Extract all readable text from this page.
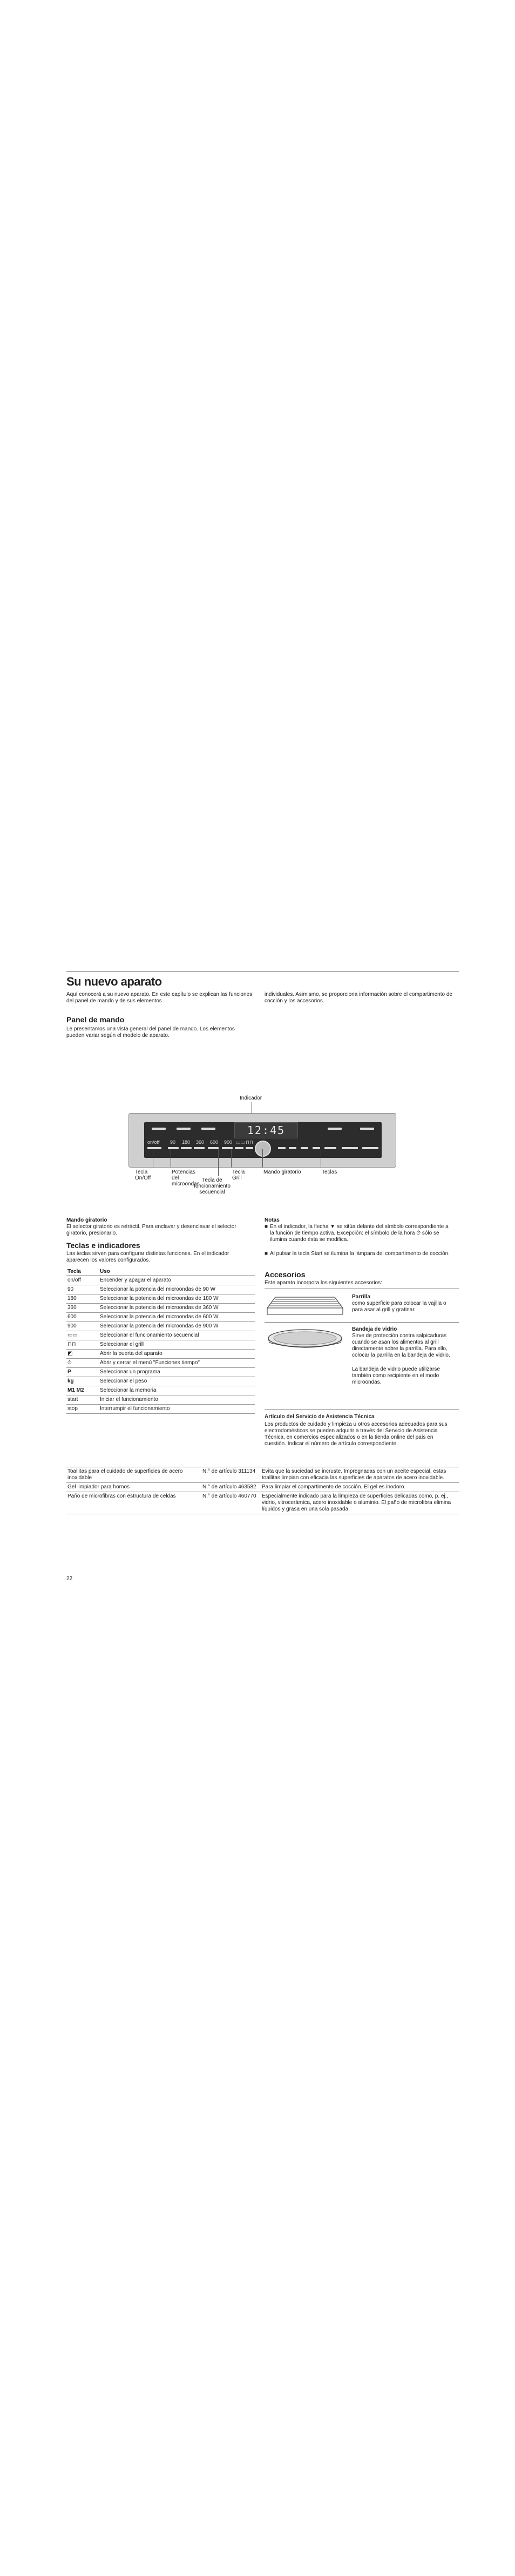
Su nuevo aparato
Aquí conocerá a su nuevo aparato. En este capítulo se explican las funciones del panel de mando y de sus elementos
individuales. Asimismo, se proporciona información sobre el compartimento de cocción y los accesorios.
Panel de mando
Le presentamos una vista general del panel de mando. Los elementos pueden variar según el modelo de aparato.
Indicador
12:45
on/off 90 180 360 600 900 ▭▭ ⊓⊓
Tecla On/Off
Potencias del microondas
Tecla de funcionamiento secuencial
Tecla Grill
Mando giratorio	Teclas
Mando giratorio
El selector giratorio es retráctil. Para enclavar y desenclavar el selector giratorio, presionarlo.
Teclas e indicadores
Las teclas sirven para configurar distintas funciones. En el indicador aparecen los valores configurados.
Tecla	Uso
on/off	Encender y apagar el aparato
90	Seleccionar la potencia del microondas de 90 W
180	Seleccionar la potencia del microondas de 180 W
360	Seleccionar la potencia del microondas de 360 W
600	Seleccionar la potencia del microondas de 600 W
900	Seleccionar la potencia del microondas de 900 W
▭▭	Seleccionar el funcionamiento secuencial
⊓⊓	Seleccionar el grill
◩	Abrir la puerta del aparato
⏱	Abrir y cerrar el menú "Funciones tiempo"
P	Seleccionar un programa
kg	Seleccionar el peso
M1 M2	Seleccionar la memoria
start	Iniciar el funcionamiento
stop	Interrumpir el funcionamiento
Notas
■ En el indicador, la flecha ▼ se sitúa delante del símbolo correspondiente a la función de tiempo activa. Excepción: el símbolo de la hora ⏱ sólo se ilumina cuando ésta se modifica.
■ Al pulsar la tecla Start se ilumina la lámpara del compartimento de cocción.
Accesorios
Este aparato incorpora los siguientes accesorios:
Parrilla
como superficie para colocar la vajilla o para asar al grill y gratinar.
Bandeja de vidrio
Sirve de protección contra salpicaduras cuando se asan los alimentos al grill directamente sobre la parrilla. Para ello, colocar la parrilla en la bandeja de vidrio.
La bandeja de vidrio puede utilizarse también como recipiente en el modo microondas.
Artículo del Servicio de Asistencia Técnica
Los productos de cuidado y limpieza u otros accesorios adecuados para sus electrodomésticos se pueden adquirir a través del Servicio de Asistencia Técnica, en comercios especializados o en la tienda online del país en cuestión. Indicar el número de artículo correspondiente.
Toallitas para el cuidado de superficies de acero inoxidable	N.° de artículo 311134	Evita que la suciedad se incruste. Impregnadas con un aceite especial, estas toallitas limpian con eficacia las superficies de aparatos de acero inoxidable.
Gel limpiador para hornos	N.° de artículo 463582	Para limpiar el compartimento de cocción. El gel es inodoro.
Paño de microfibras con estructura de celdas	N.° de artículo 460770	Especialmente indicado para la limpieza de superficies delicadas como, p. ej., vidrio, vitrocerámica, acero inoxidable o aluminio. El paño de microfibra elimina líquidos y grasa en una sola pasada.
22
